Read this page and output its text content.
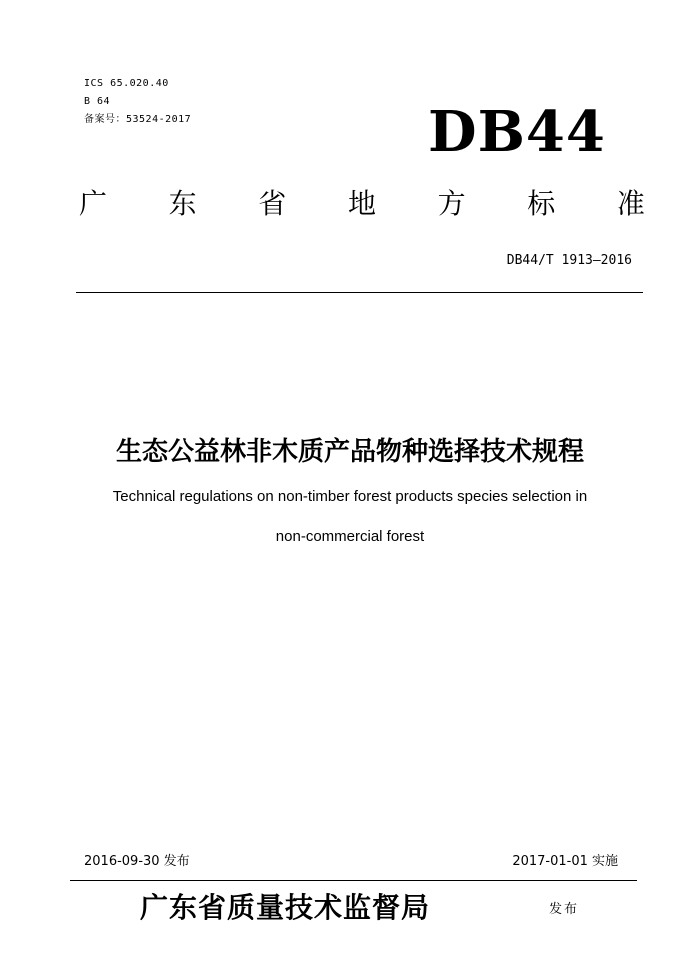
ICS 65.020.40
B 64
备案号：53524-2017	DB44
广 东 省 地 方 标 准
DB44/T 1913—2016
生态公益林非木质产品物种选择技术规程
Technical regulations on non-timber forest products species selection in
non-commercial forest
2016-09-30 发布	2017-01-01 实施
广东省质量技术监督局	发布
